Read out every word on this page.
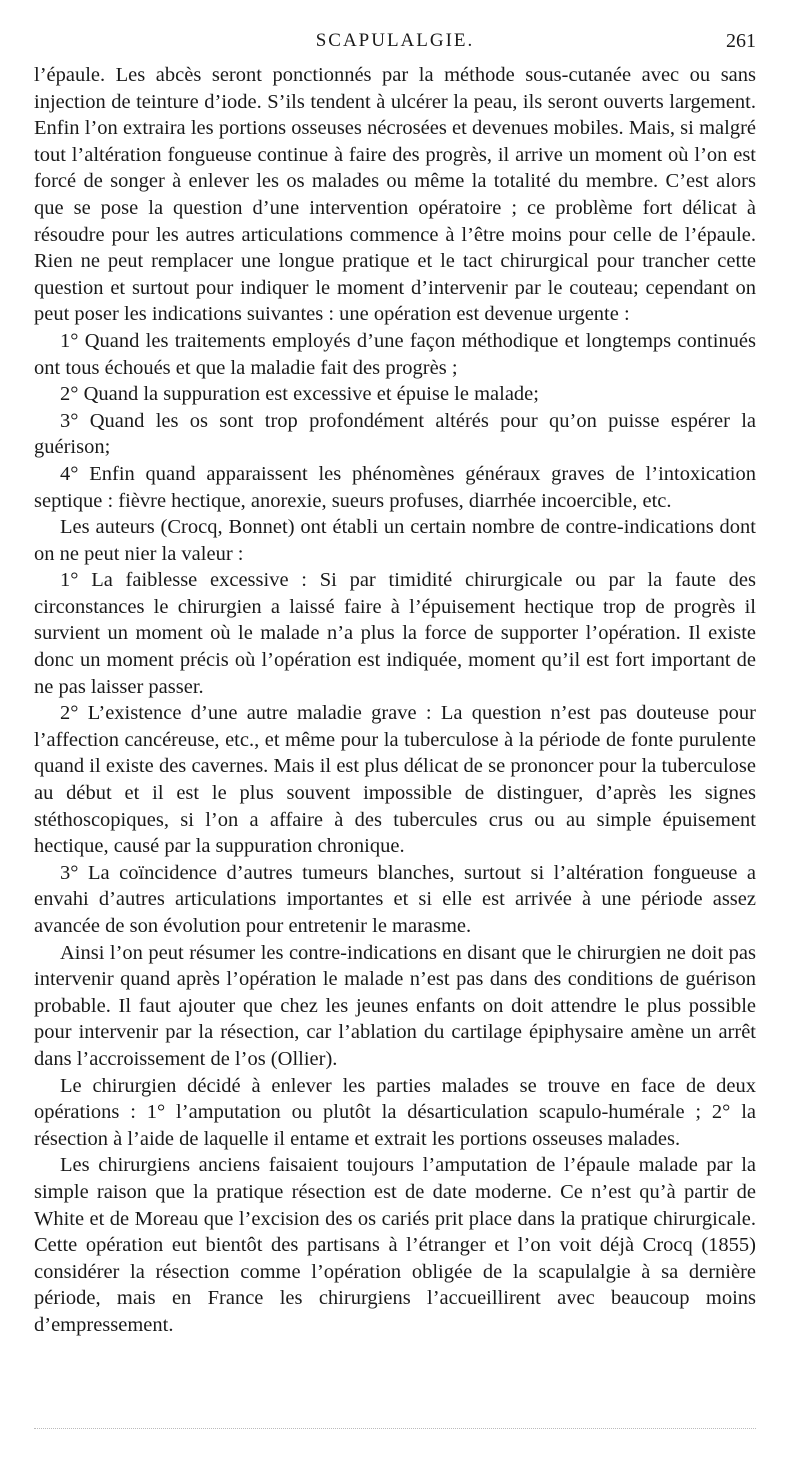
SCAPULALGIE.	261

l’épaule. Les abcès seront ponctionnés par la méthode sous-cutanée avec ou sans injection de teinture d’iode. S’ils tendent à ulcérer la peau, ils seront ouverts largement. Enfin l’on extraira les portions osseuses nécrosées et devenues mobiles. Mais, si malgré tout l’altération fongueuse continue à faire des progrès, il arrive un moment où l’on est forcé de songer à enlever les os malades ou même la totalité du membre. C’est alors que se pose la question d’une intervention opératoire ; ce problème fort délicat à résoudre pour les autres articulations commence à l’être moins pour celle de l’épaule. Rien ne peut remplacer une longue pratique et le tact chirurgical pour trancher cette question et surtout pour indiquer le moment d’intervenir par le couteau; cependant on peut poser les indications suivantes : une opération est devenue urgente :

1° Quand les traitements employés d’une façon méthodique et longtemps continués ont tous échoués et que la maladie fait des progrès ;

2° Quand la suppuration est excessive et épuise le malade;

3° Quand les os sont trop profondément altérés pour qu’on puisse espérer la guérison;

4° Enfin quand apparaissent les phénomènes généraux graves de l’intoxication septique : fièvre hectique, anorexie, sueurs profuses, diarrhée incoercible, etc.

Les auteurs (Crocq, Bonnet) ont établi un certain nombre de contre-indications dont on ne peut nier la valeur :

1° La faiblesse excessive : Si par timidité chirurgicale ou par la faute des circonstances le chirurgien a laissé faire à l’épuisement hectique trop de progrès il survient un moment où le malade n’a plus la force de supporter l’opération. Il existe donc un moment précis où l’opération est indiquée, moment qu’il est fort important de ne pas laisser passer.

2° L’existence d’une autre maladie grave : La question n’est pas douteuse pour l’affection cancéreuse, etc., et même pour la tuberculose à la période de fonte purulente quand il existe des cavernes. Mais il est plus délicat de se prononcer pour la tuberculose au début et il est le plus souvent impossible de distinguer, d’après les signes stéthoscopiques, si l’on a affaire à des tubercules crus ou au simple épuisement hectique, causé par la suppuration chronique.

3° La coïncidence d’autres tumeurs blanches, surtout si l’altération fongueuse a envahi d’autres articulations importantes et si elle est arrivée à une période assez avancée de son évolution pour entretenir le marasme.

Ainsi l’on peut résumer les contre-indications en disant que le chirurgien ne doit pas intervenir quand après l’opération le malade n’est pas dans des conditions de guérison probable. Il faut ajouter que chez les jeunes enfants on doit attendre le plus possible pour intervenir par la résection, car l’ablation du cartilage épiphysaire amène un arrêt dans l’accroissement de l’os (Ollier).

Le chirurgien décidé à enlever les parties malades se trouve en face de deux opérations : 1° l’amputation ou plutôt la désarticulation scapulo-humérale ; 2° la résection à l’aide de laquelle il entame et extrait les portions osseuses malades.

Les chirurgiens anciens faisaient toujours l’amputation de l’épaule malade par la simple raison que la pratique résection est de date moderne. Ce n’est qu’à partir de White et de Moreau que l’excision des os cariés prit place dans la pratique chirurgicale. Cette opération eut bientôt des partisans à l’étranger et l’on voit déjà Crocq (1855) considérer la résection comme l’opération obligée de la scapulalgie à sa dernière période, mais en France les chirurgiens l’accueillirent avec beaucoup moins d’empressement.
